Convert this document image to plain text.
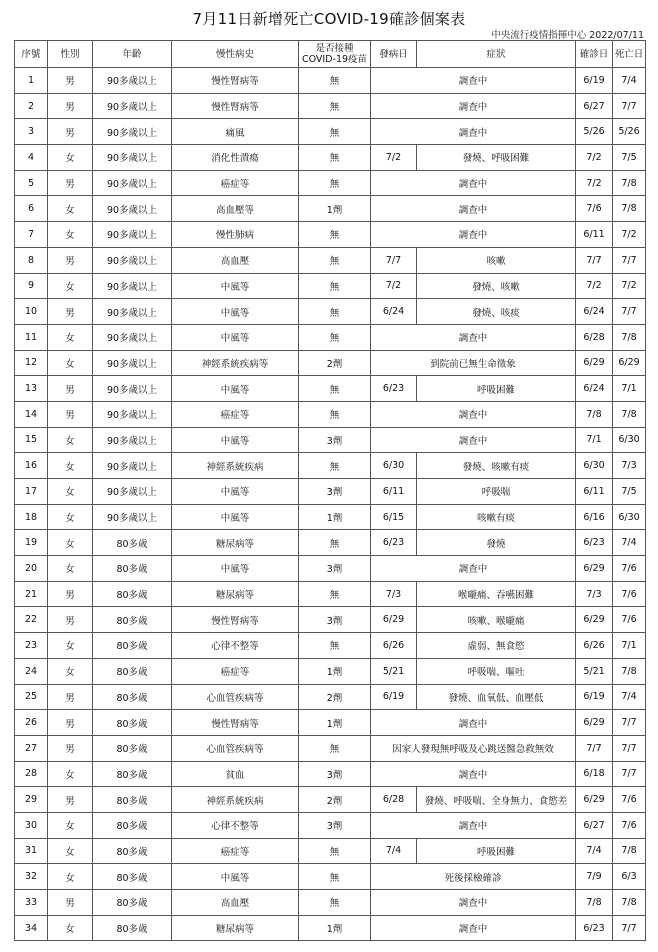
7月11日新增死亡COVID-19確診個案表
中央流行疫情指揮中心 2022/07/11
序號	性別	年齡	慢性病史	是否接種COVID-19疫苗	發病日	症狀	確診日	死亡日
1	男	90多歲以上	慢性腎病等	無	調查中		6/19	7/4
2	男	90多歲以上	慢性腎病等	無	調查中		6/27	7/7
3	男	90多歲以上	痛風	無	調查中		5/26	5/26
4	女	90多歲以上	消化性潰瘍	無	7/2	發燒、呼吸困難	7/2	7/5
5	男	90多歲以上	癌症等	無	調查中		7/2	7/8
6	女	90多歲以上	高血壓等	1劑	調查中		7/6	7/8
7	女	90多歲以上	慢性肺病	無	調查中		6/11	7/2
8	男	90多歲以上	高血壓	無	7/7	咳嗽	7/7	7/7
9	女	90多歲以上	中風等	無	7/2	發燒、咳嗽	7/2	7/2
10	男	90多歲以上	中風等	無	6/24	發燒、咳痰	6/24	7/7
11	女	90多歲以上	中風等	無	調查中		6/28	7/8
12	女	90多歲以上	神經系統疾病等	2劑	到院前已無生命徵象		6/29	6/29
13	男	90多歲以上	中風等	無	6/23	呼吸困難	6/24	7/1
14	男	90多歲以上	癌症等	無	調查中		7/8	7/8
15	女	90多歲以上	中風等	3劑	調查中		7/1	6/30
16	女	90多歲以上	神經系統疾病	無	6/30	發燒、咳嗽有痰	6/30	7/3
17	女	90多歲以上	中風等	3劑	6/11	呼吸喘	6/11	7/5
18	女	90多歲以上	中風等	1劑	6/15	咳嗽有痰	6/16	6/30
19	女	80多歲	糖尿病等	無	6/23	發燒	6/23	7/4
20	女	80多歲	中風等	3劑	調查中		6/29	7/6
21	男	80多歲	糖尿病等	無	7/3	喉嚨痛、吞嚥困難	7/3	7/6
22	男	80多歲	慢性腎病等	3劑	6/29	咳嗽、喉嚨痛	6/29	7/6
23	女	80多歲	心律不整等	無	6/26	虛弱、無食慾	6/26	7/1
24	女	80多歲	癌症等	1劑	5/21	呼吸喘、嘔吐	5/21	7/8
25	男	80多歲	心血管疾病等	2劑	6/19	發燒、血氧低、血壓低	6/19	7/4
26	男	80多歲	慢性腎病等	1劑	調查中		6/29	7/7
27	男	80多歲	心血管疾病等	無	因家人發現無呼吸及心跳送醫急救無效		7/7	7/7
28	女	80多歲	貧血	3劑	調查中		6/18	7/7
29	男	80多歲	神經系統疾病	2劑	6/28	發燒、呼吸喘、全身無力、食慾差	6/29	7/6
30	女	80多歲	心律不整等	3劑	調查中		6/27	7/6
31	女	80多歲	癌症等	無	7/4	呼吸困難	7/4	7/8
32	女	80多歲	中風等	無	死後採檢確診		7/9	6/3
33	男	80多歲	高血壓	無	調查中		7/8	7/8
34	女	80多歲	糖尿病等	1劑	調查中		6/23	7/7
